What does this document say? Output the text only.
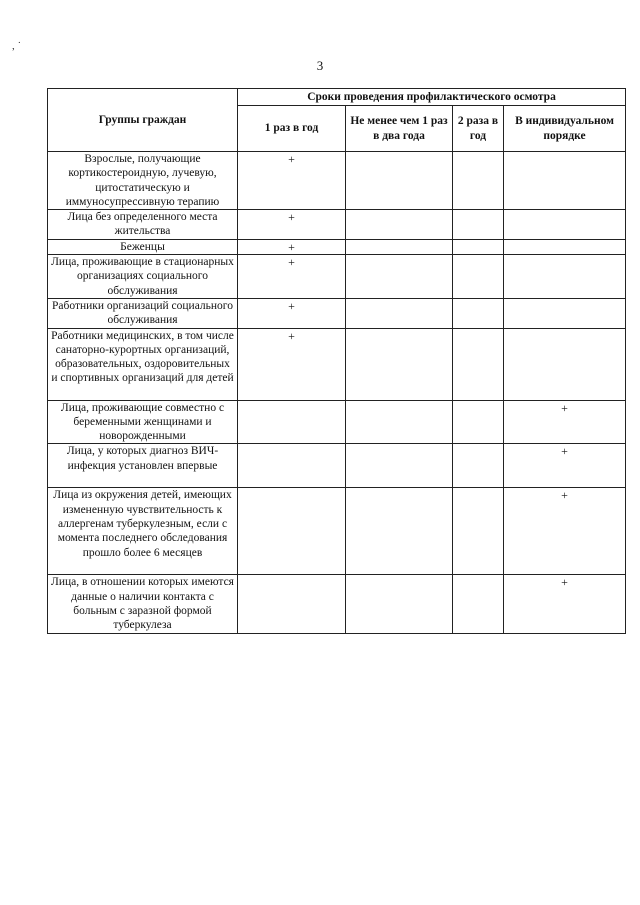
3
, ˙
Группы граждан	Сроки проведения профилактического осмотра			
	1 раз в год	Не менее чем 1 раз в два года	2 раза в год	В индивидуальном порядке
Взрослые, получающие кортикостероидную, лучевую, цитостатическую и иммуносупрессивную терапию	+			

Лица без определенного места жительства	+			

Беженцы	+			

Лица, проживающие в стационарных организациях социального обслуживания	+			

Работники организаций социального обслуживания	+			

Работники медицинских, в том числе санаторно-курортных организаций, образовательных, оздоровительных и спортивных организаций для детей	+			

Лица, проживающие совместно с беременными женщинами и новорожденными				+

Лица, у которых диагноз ВИЧ-инфекция установлен впервые				+

Лица из окружения детей, имеющих измененную чувствительность к аллергенам туберкулезным, если с момента последнего обследования прошло более 6 месяцев				+

Лица, в отношении которых имеются данные о наличии контакта с больным с заразной формой туберкулеза				+
